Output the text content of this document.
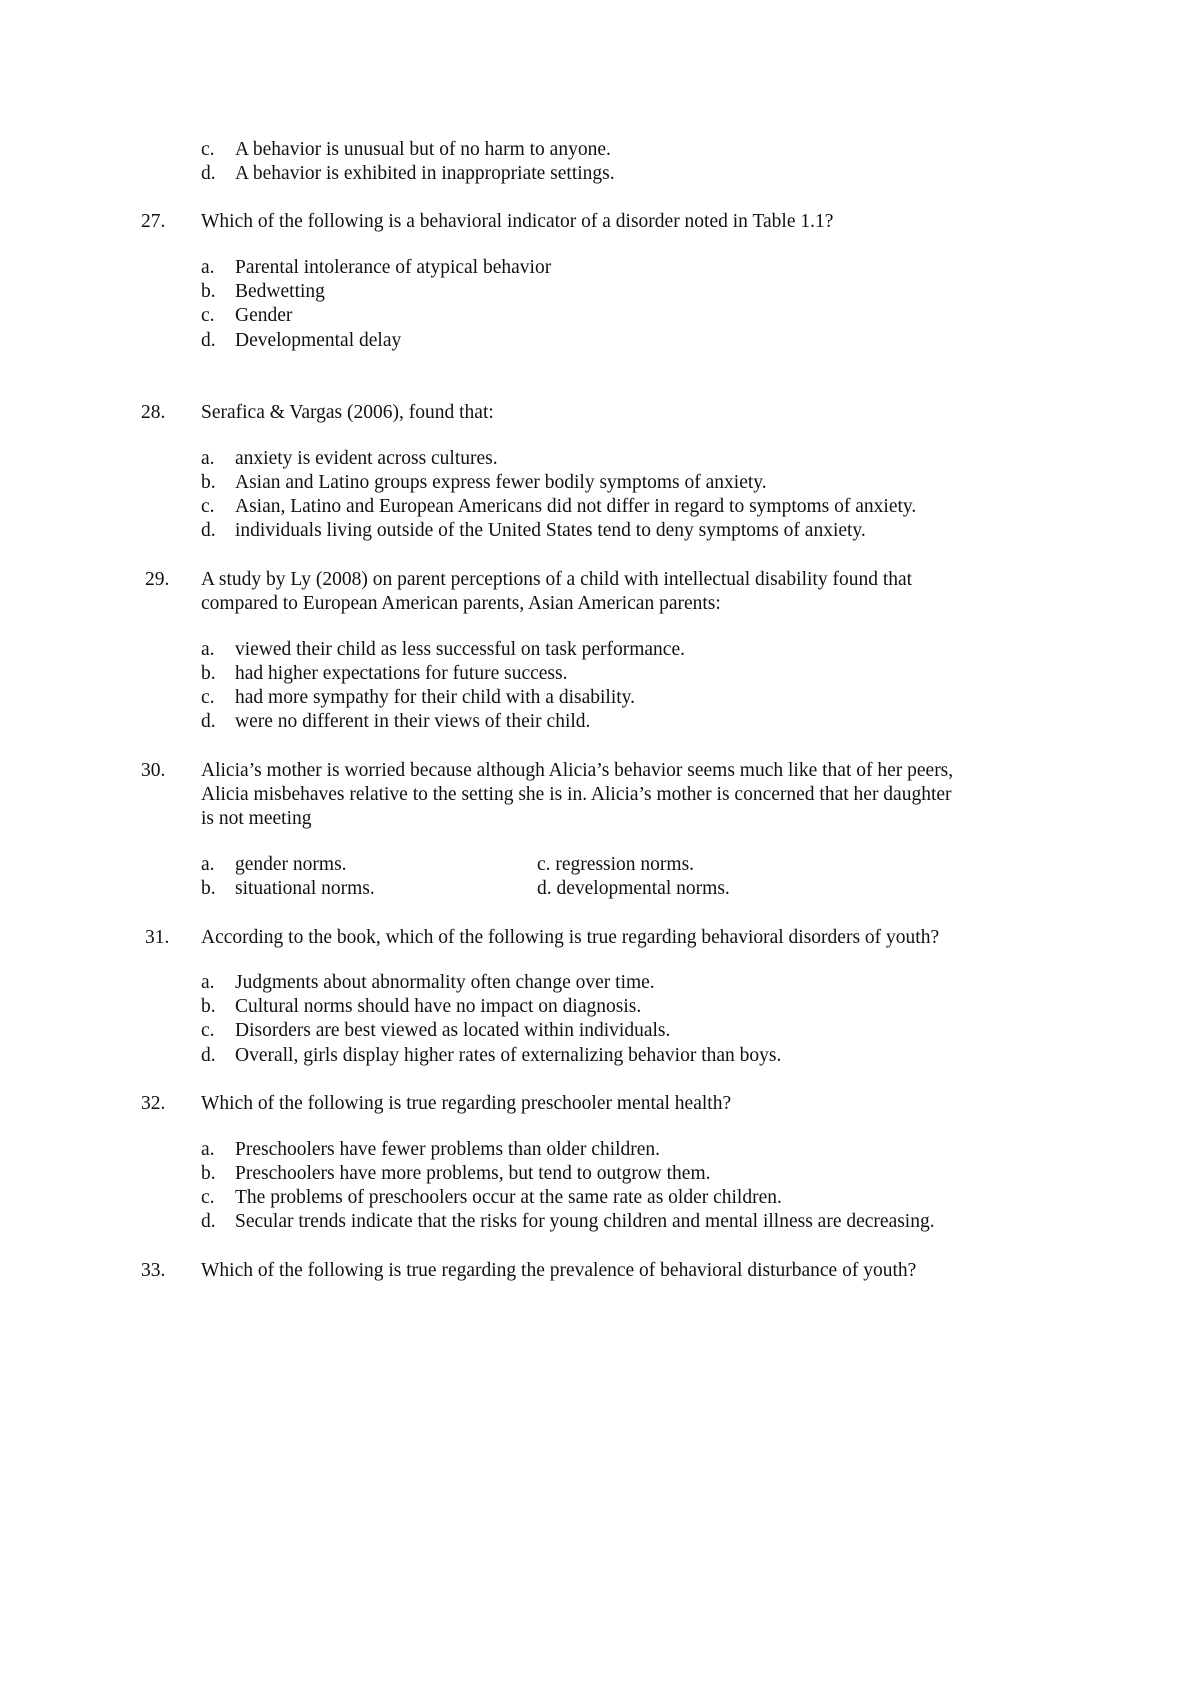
c. A behavior is unusual but of no harm to anyone.
d. A behavior is exhibited in inappropriate settings.
27. Which of the following is a behavioral indicator of a disorder noted in Table 1.1?
a. Parental intolerance of atypical behavior
b. Bedwetting
c. Gender
d. Developmental delay
28. Serafica & Vargas (2006), found that:
a. anxiety is evident across cultures.
b. Asian and Latino groups express fewer bodily symptoms of anxiety.
c. Asian, Latino and European Americans did not differ in regard to symptoms of anxiety.
d. individuals living outside of the United States tend to deny symptoms of anxiety.
29. A study by Ly (2008) on parent perceptions of a child with intellectual disability found that
compared to European American parents, Asian American parents:
a. viewed their child as less successful on task performance.
b. had higher expectations for future success.
c. had more sympathy for their child with a disability.
d. were no different in their views of their child.
30. Alicia’s mother is worried because although Alicia’s behavior seems much like that of her peers,
Alicia misbehaves relative to the setting she is in. Alicia’s mother is concerned that her daughter
is not meeting
a. gender norms.
b. situational norms.
c. regression norms.
d. developmental norms.
31. According to the book, which of the following is true regarding behavioral disorders of youth?
a. Judgments about abnormality often change over time.
b. Cultural norms should have no impact on diagnosis.
c. Disorders are best viewed as located within individuals.
d. Overall, girls display higher rates of externalizing behavior than boys.
32. Which of the following is true regarding preschooler mental health?
a. Preschoolers have fewer problems than older children.
b. Preschoolers have more problems, but tend to outgrow them.
c. The problems of preschoolers occur at the same rate as older children.
d. Secular trends indicate that the risks for young children and mental illness are decreasing.
33. Which of the following is true regarding the prevalence of behavioral disturbance of youth?
